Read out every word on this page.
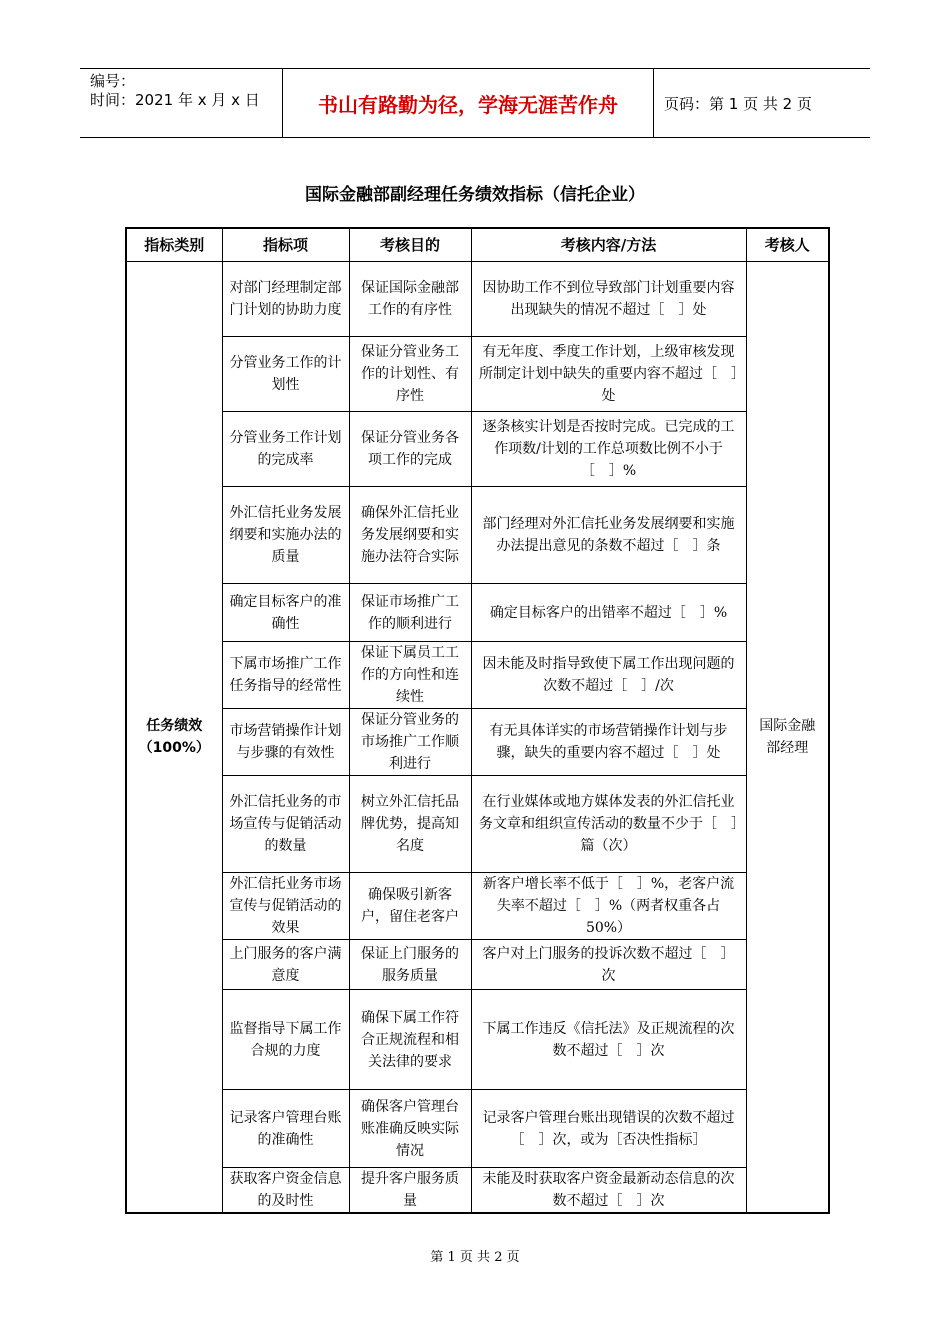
编号：
时间：2021 年 x 月 x 日	书山有路勤为径，学海无涯苦作舟	页码：第 1 页 共 2 页
国际金融部副经理任务绩效指标（信托企业）
指标类别	指标项	考核目的	考核内容/方法	考核人

任务绩效
（100%）	对部门经理制定部门计划的协助力度	保证国际金融部工作的有序性	因协助工作不到位导致部门计划重要内容出现缺失的情况不超过［　］处	国际金融部经理
	分管业务工作的计划性	保证分管业务工作的计划性、有序性	有无年度、季度工作计划，上级审核发现所制定计划中缺失的重要内容不超过［　］处	
	分管业务工作计划的完成率	保证分管业务各项工作的完成	逐条核实计划是否按时完成。已完成的工作项数/计划的工作总项数比例不小于［　］%	
	外汇信托业务发展纲要和实施办法的质量	确保外汇信托业务发展纲要和实施办法符合实际	部门经理对外汇信托业务发展纲要和实施办法提出意见的条数不超过［　］条	
	确定目标客户的准确性	保证市场推广工作的顺利进行	确定目标客户的出错率不超过［　］%	
	下属市场推广工作任务指导的经常性	保证下属员工工作的方向性和连续性	因未能及时指导致使下属工作出现问题的次数不超过［　］/次	
	市场营销操作计划与步骤的有效性	保证分管业务的市场推广工作顺利进行	有无具体详实的市场营销操作计划与步骤，缺失的重要内容不超过［　］处	
	外汇信托业务的市场宣传与促销活动的数量	树立外汇信托品牌优势，提高知名度	在行业媒体或地方媒体发表的外汇信托业务文章和组织宣传活动的数量不少于［　］篇（次）	
	外汇信托业务市场宣传与促销活动的效果	确保吸引新客户，留住老客户	新客户增长率不低于［　］%，老客户流失率不超过［　］%（两者权重各占 50%）	
	上门服务的客户满意度	保证上门服务的服务质量	客户对上门服务的投诉次数不超过［　］次	
	监督指导下属工作合规的力度	确保下属工作符合正规流程和相关法律的要求	下属工作违反《信托法》及正规流程的次数不超过［　］次	
	记录客户管理台账的准确性	确保客户管理台账准确反映实际情况	记录客户管理台账出现错误的次数不超过［　］次，或为［否决性指标］	
	获取客户资金信息的及时性	提升客户服务质量	未能及时获取客户资金最新动态信息的次数不超过［　］次	
第 1 页 共 2 页
